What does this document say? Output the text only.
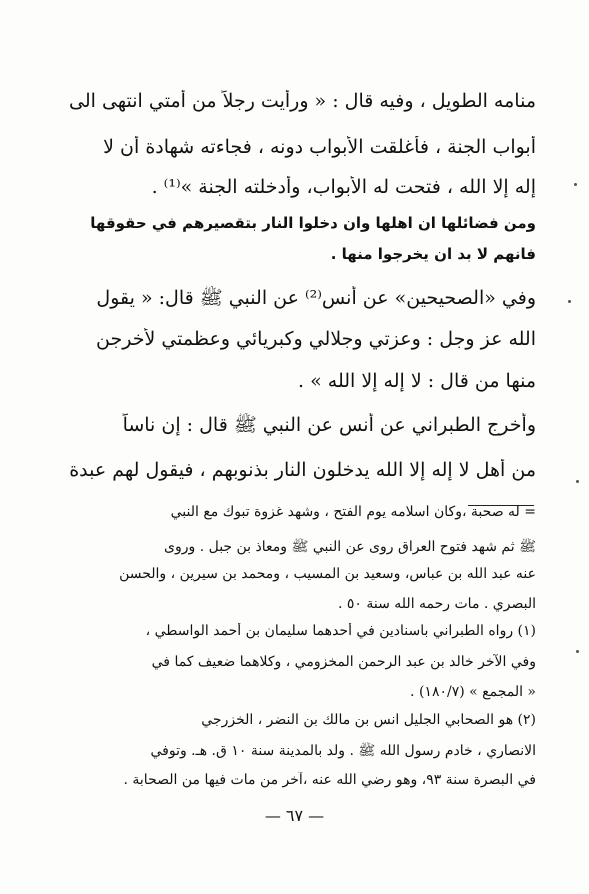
منامه الطويل ، وفيه قال : « ورأيت رجلاً من أمتي انتهى الى
أبواب الجنة ، فأغلقت الأبواب دونه ، فجاءته شهادة أن لا
إله إلا الله ، فتحت له الأبواب، وأدخلته الجنة »⁽¹⁾ .
ومن فضائلها ان اهلها وان دخلوا النار بتقصيرهم في حقوقها
فانهم لا بد ان يخرجوا منها .
وفي «الصحيحين» عن أنس⁽²⁾ عن النبي ﷺ قال: « يقول
الله عز وجل : وعزتي وجلالي وكبريائي وعظمتي لأخرجن
منها من قال : لا إله إلا الله » .
وأخرج الطبراني عن أنس عن النبي ﷺ قال : إن ناساً
من أهل لا إله إلا الله يدخلون النار بذنوبهم ، فيقول لهم عبدة
= له صحبة ،وكان اسلامه يوم الفتح ، وشهد غزوة تبوك مع النبي
ﷺ ثم شهد فتوح العراق روى عن النبي ﷺ ومعاذ بن جبل . وروى
عنه عبد الله بن عباس، وسعيد بن المسيب ، ومحمد بن سيرين ، والحسن
البصري . مات رحمه الله سنة ٥٠ .
(١) رواه الطبراني باسنادين في أحدهما سليمان بن أحمد الواسطي ،
وفي الآخر خالد بن عبد الرحمن المخزومي ، وكلاهما ضعيف كما في
« المجمع » (١٨٠/٧) .
(٢) هو الصحابي الجليل انس بن مالك بن النضر ، الخزرجي
الانصاري ، خادم رسول الله ﷺ . ولد بالمدينة سنة ١٠ ق. هـ. وتوفي
في البصرة سنة ٩٣، وهو رضي الله عنه ،آخر من مات فيها من الصحابة .
— ٦٧ —
